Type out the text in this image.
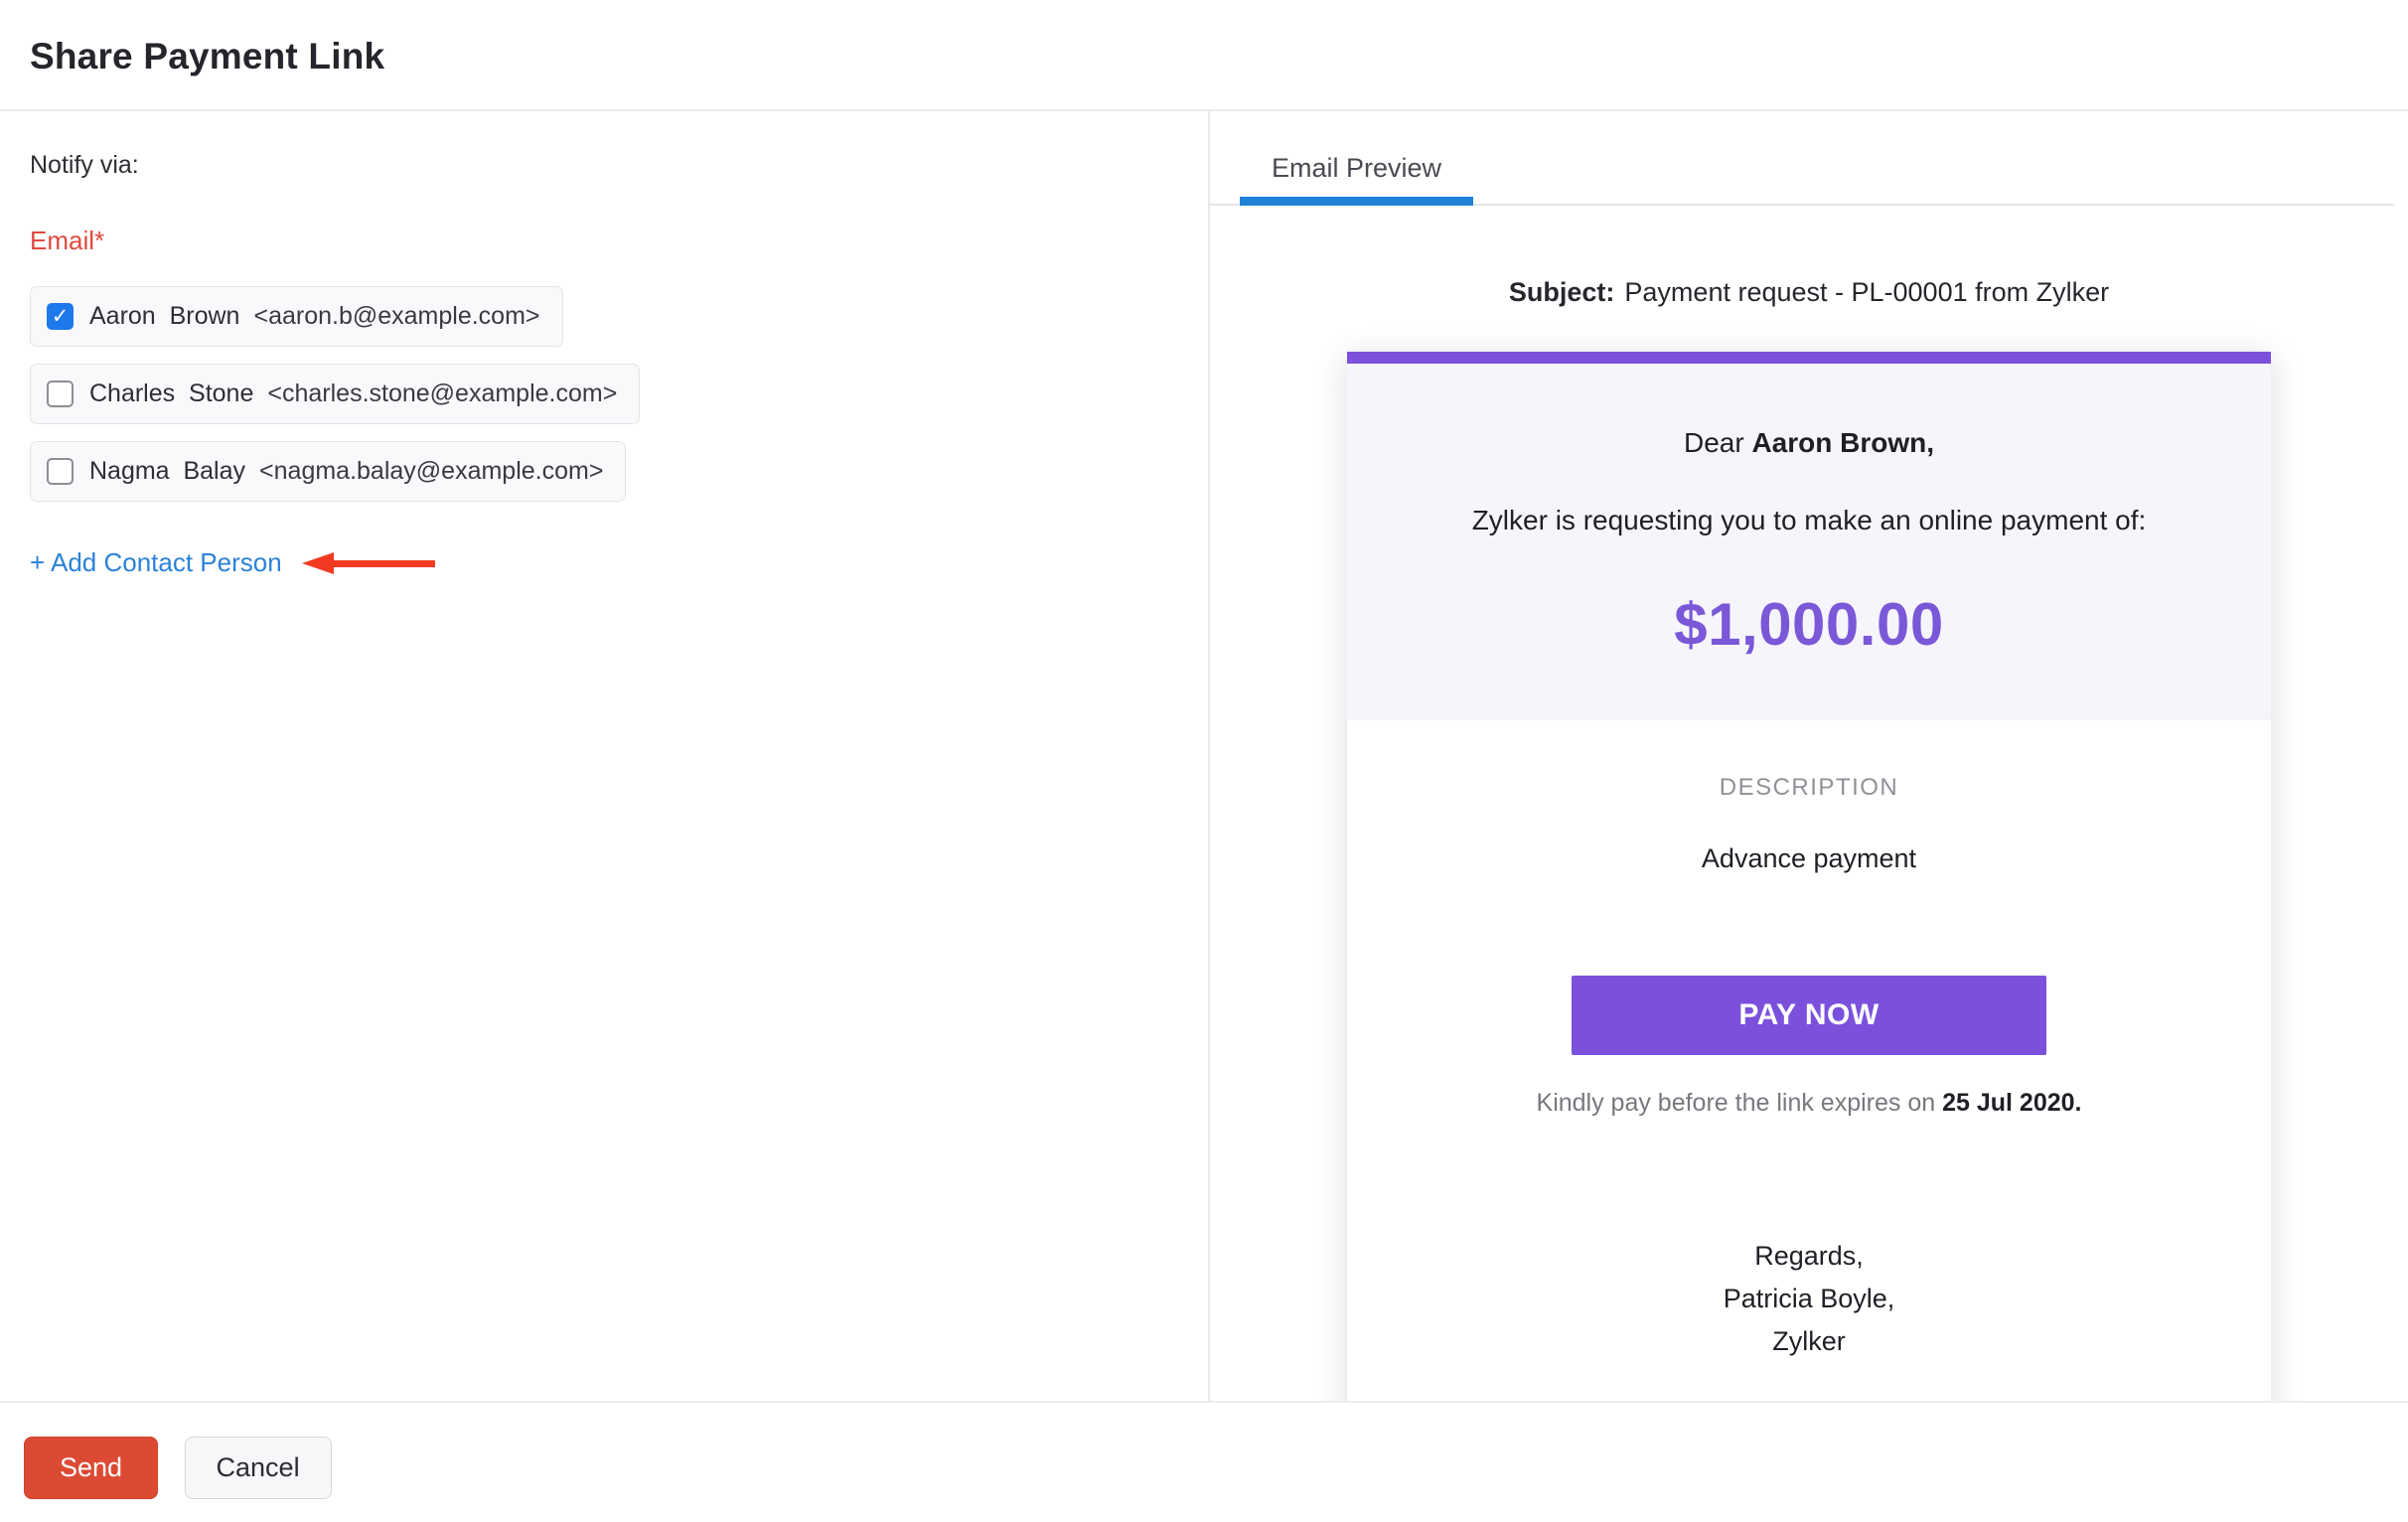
Share Payment Link
Notify via:
Email*
✓ Aaron  Brown <aaron.b@example.com>
Charles  Stone <charles.stone@example.com>
Nagma  Balay <nagma.balay@example.com>
+ Add Contact Person
Email Preview
Subject: Payment request - PL-00001 from Zylker

Dear Aaron Brown,

Zylker is requesting you to make an online payment of:

$1,000.00
DESCRIPTION
Advance payment
PAY NOW

Kindly pay before the link expires on 25 Jul 2020.

Regards,
Patricia Boyle,
Zylker
Send	Cancel
